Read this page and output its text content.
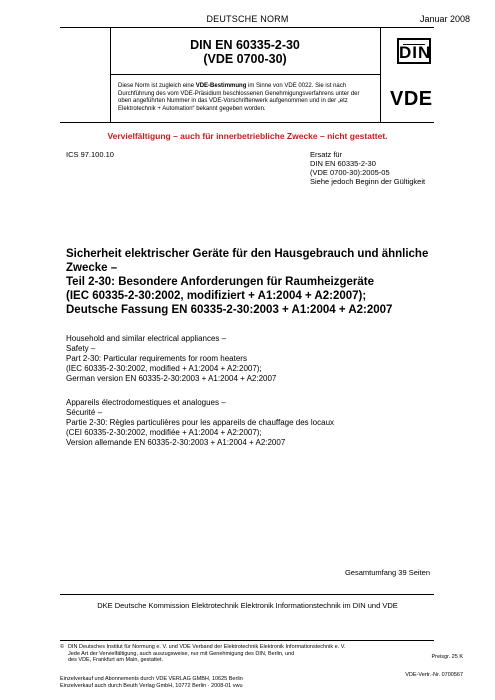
DEUTSCHE NORM	Januar 2008
DIN EN 60335-2-30
(VDE 0700-30)	DIN
Diese Norm ist zugleich eine VDE-Bestimmung im Sinne von VDE 0022. Sie ist nach Durchführung des vom VDE-Präsidium beschlossenen Genehmigungsverfahrens unter der oben angeführten Nummer in das VDE-Vorschriftenwerk aufgenommen und in der „etz Elektrotechnik + Automation“ bekannt gegeben worden.	VDE
Vervielfältigung – auch für innerbetriebliche Zwecke – nicht gestattet.
ICS 97.100.10	Ersatz für
DIN EN 60335-2-30
(VDE 0700-30):2005-05
Siehe jedoch Beginn der Gültigkeit
Sicherheit elektrischer Geräte für den Hausgebrauch und ähnliche
Zwecke –
Teil 2-30: Besondere Anforderungen für Raumheizgeräte
(IEC 60335-2-30:2002, modifiziert + A1:2004 + A2:2007);
Deutsche Fassung EN 60335-2-30:2003 + A1:2004 + A2:2007
Household and similar electrical appliances –
Safety –
Part 2-30: Particular requirements for room heaters
(IEC 60335-2-30:2002, modified + A1:2004 + A2:2007);
German version EN 60335-2-30:2003 + A1:2004 + A2:2007
Appareils électrodomestiques et analogues –
Sécurité –
Partie 2-30: Règles particulières pour les appareils de chauffage des locaux
(CEI 60335-2-30:2002, modifiée + A1:2004 + A2:2007);
Version allemande EN 60335-2-30:2003 + A1:2004 + A2:2007
Gesamtumfang 39 Seiten
DKE Deutsche Kommission Elektrotechnik Elektronik Informationstechnik im DIN und VDE
© DIN Deutsches Institut für Normung e. V. und VDE Verband der Elektrotechnik Elektronik Informationstechnik e. V.
Jede Art der Vervielfältigung, auch auszugsweise, nur mit Genehmigung des DIN, Berlin, und
des VDE, Frankfurt am Main, gestattet.
Einzelverkauf und Abonnements durch VDE VERLAG GMBH, 10625 Berlin
Einzelverkauf auch durch Beuth Verlag GmbH, 10772 Berlin · 2008-01 vwu
Preisgr. 25 K
VDE-Vertr.-Nr. 0700567
